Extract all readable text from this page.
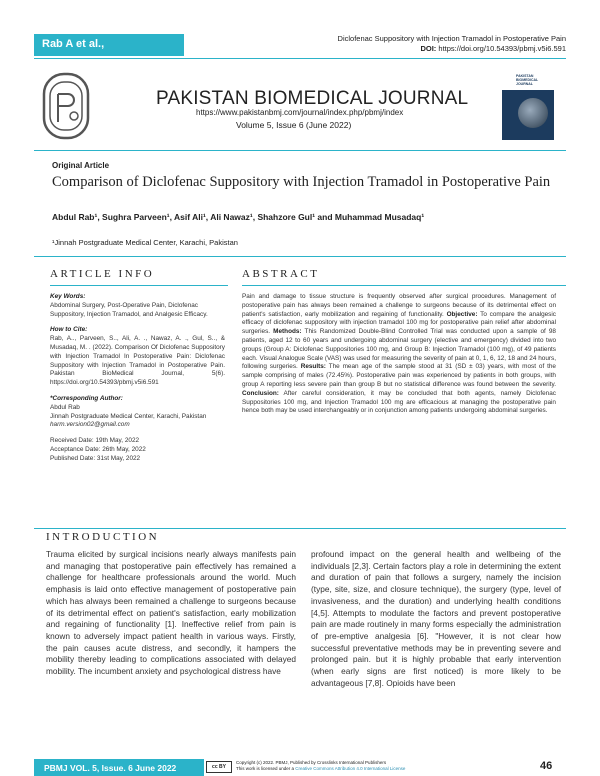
Rab A et al.,	Diclofenac Suppository with Injection Tramadol in Postoperative Pain
DOI: https://doi.org/10.54393/pbmj.v5i6.591
PAKISTAN BIOMEDICAL JOURNAL
https://www.pakistanbmj.com/journal/index.php/pbmj/index
Volume 5, Issue 6 (June 2022)
PAKISTAN BIOMEDICAL JOURNAL
Original Article
Comparison of Diclofenac Suppository with Injection Tramadol in Postoperative Pain
Abdul Rab¹, Sughra Parveen¹, Asif Ali¹, Ali Nawaz¹, Shahzore Gul¹ and Muhammad Musadaq¹
¹Jinnah Postgraduate Medical Center, Karachi, Pakistan
ARTICLE INFO
Key Words:
Abdominal Surgery, Post-Operative Pain, Diclofenac Suppository, Injection Tramadol, and Analgesic Efficacy.
How to Cite:
Rab, A.., Parveen, S.., Ali, A. ., Nawaz, A. ., Gul, S.., & Musadaq, M. . (2022). Comparison Of Diclofenac Suppository with Injection Tramadol In Postoperative Pain: Diclofenac Suppository with Injection Tramadol in Postoperative Pain. Pakistan BioMedical Journal, 5(6). https://doi.org/10.54393/pbmj.v5i6.591
*Corresponding Author:
Abdul Rab
Jinnah Postgraduate Medical Center, Karachi, Pakistan
harm.version02@gmail.com
Received Date: 19th May, 2022
Acceptance Date: 26th May, 2022
Published Date: 31st May, 2022
ABSTRACT
Pain and damage to tissue structure is frequently observed after surgical procedures. Management of postoperative pain has always been remained a challenge to surgeons because of its detrimental effect on patient's satisfaction, early mobilization and regaining of functionality. Objective: To compare the analgesic efficacy of diclofenac suppository with injection tramadol 100 mg for postoperative pain relief after abdominal surgeries. Methods: This Randomized Double-Blind Controlled Trial was conducted upon a sample of 98 patients, aged 12 to 60 years and undergoing abdominal surgery (elective and emergency) divided into two groups (Group A: Diclofenac Suppositories 100 mg, and Group B: Injection Tramadol (100 mg), of 49 patients each. Visual Analogue Scale (VAS) was used for measuring the severity of pain at 0, 1, 6, 12, 18 and 24 hours, following surgeries. Results: The mean age of the sample stood at 31 (SD ± 03) years, with most of the sample comprising of males (72.45%). Postoperative pain was experienced by patients in both groups, with group A reporting less severe pain than group B but no statistical difference was found between the severity. Conclusion: After careful consideration, it may be concluded that both agents, namely Diclofenac Suppositories 100 mg, and Injection Tramadol 100 mg are efficacious at managing the postoperative pain hence both may be used interchangeably or in conjunction among patients undergoing abdominal surgeries.
INTRODUCTION
Trauma elicited by surgical incisions nearly always manifests pain and managing that postoperative pain effectively has remained a challenge for healthcare professionals around the world. Much emphasis is laid onto effective management of postoperative pain which has always been remained a challenge to surgeons because of its detrimental effect on patient's satisfaction, early mobilization and regaining of functionality [1]. Ineffective relief from pain is known to adversely impact patient health in various ways. Firstly, the pain causes acute distress, and secondly, it hampers the mobility thereby leading to complications associated with delayed mobility. The incumbent anxiety and psychological distress have
profound impact on the general health and wellbeing of the individuals [2,3]. Certain factors play a role in determining the extent and duration of pain that follows a surgery, namely the incision (type, site, size, and closure technique), the surgery (type, level of invasiveness, and the duration) and underlying health conditions [4,5]. Attempts to modulate the factors and prevent postoperative pain are made routinely in many forms especially the administration of pre-emptive analgesia [6]. "However, it is not clear how successful preventative methods may be in preventing severe and prolonged pain. but it is highly probable that early intervention (when early signs are first noticed) is more likely to be advantageous [7,8]. Opioids have been
PBMJ VOL. 5, Issue. 6 June 2022	cc BY
Copyright (c) 2022. PBMJ, Published by Crosslinks International Publishers
This work is licensed under a Creative Commons Attribution 4.0 International License	46
